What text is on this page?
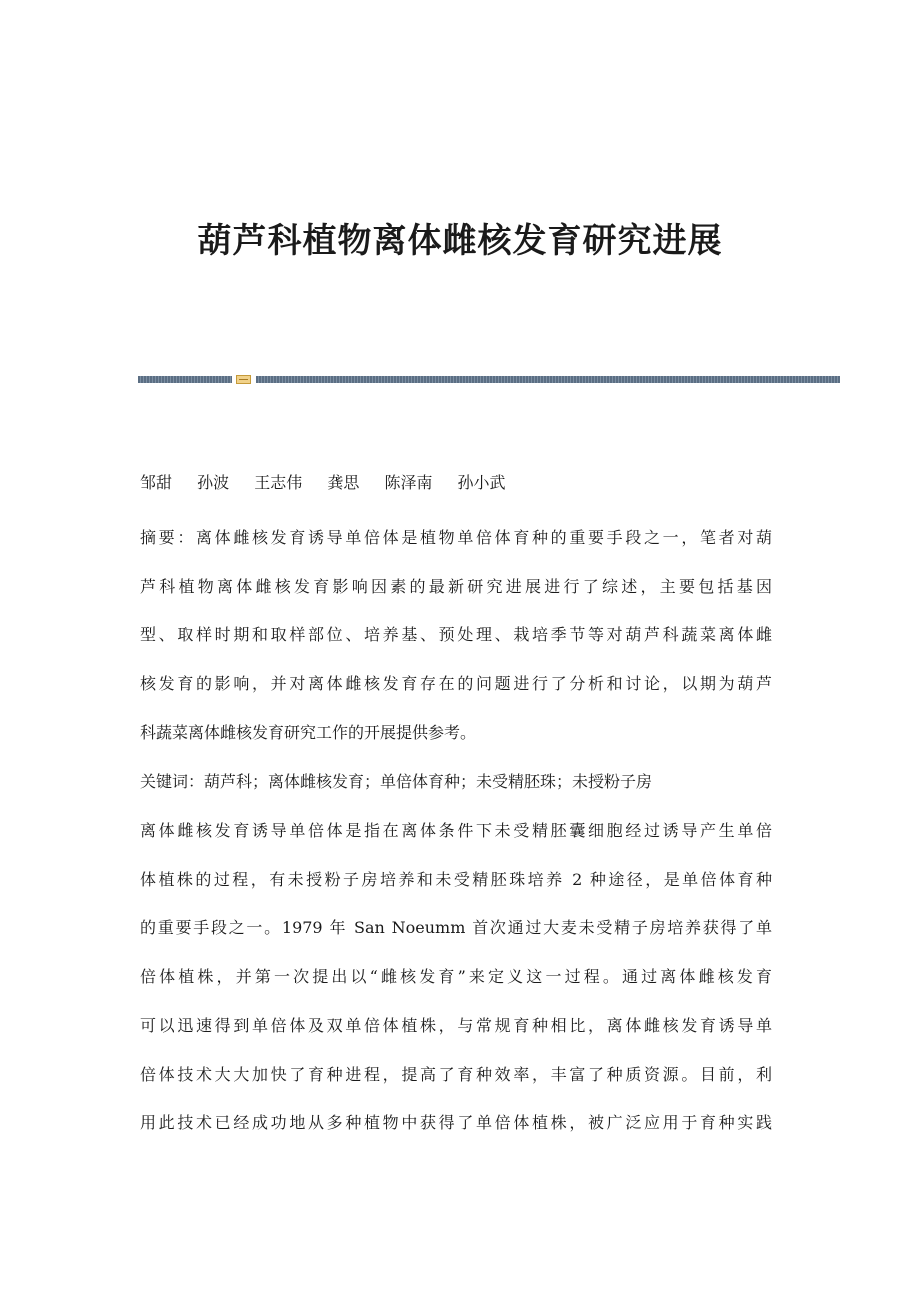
葫芦科植物离体雌核发育研究进展
邹甜 孙波 王志伟 龚思 陈泽南 孙小武
摘要：离体雌核发育诱导单倍体是植物单倍体育种的重要手段之一，笔者对葫
芦科植物离体雌核发育影响因素的最新研究进展进行了综述，主要包括基因
型、取样时期和取样部位、培养基、预处理、栽培季节等对葫芦科蔬菜离体雌
核发育的影响，并对离体雌核发育存在的问题进行了分析和讨论，以期为葫芦
科蔬菜离体雌核发育研究工作的开展提供参考。
关键词：葫芦科；离体雌核发育；单倍体育种；未受精胚珠；未授粉子房
离体雌核发育诱导单倍体是指在离体条件下未受精胚囊细胞经过诱导产生单倍
体植株的过程，有未授粉子房培养和未受精胚珠培养 2 种途径，是单倍体育种
的重要手段之一。1979 年 San Noeumm 首次通过大麦未受精子房培养获得了单
倍体植株，并第一次提出以“雌核发育”来定义这一过程。通过离体雌核发育
可以迅速得到单倍体及双单倍体植株，与常规育种相比，离体雌核发育诱导单
倍体技术大大加快了育种进程，提高了育种效率，丰富了种质资源。目前，利
用此技术已经成功地从多种植物中获得了单倍体植株，被广泛应用于育种实践
